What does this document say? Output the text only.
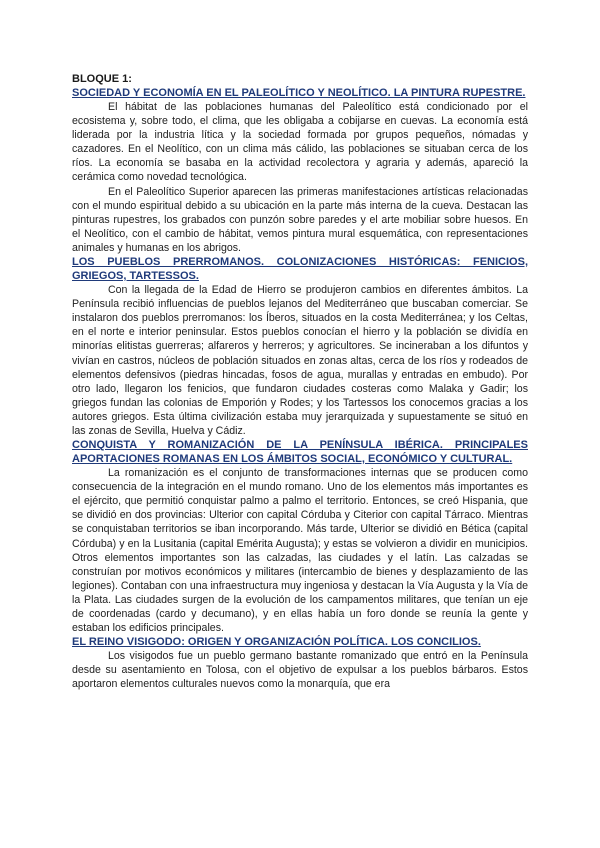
BLOQUE 1:

SOCIEDAD Y ECONOMÍA EN EL PALEOLÍTICO Y NEOLÍTICO. LA PINTURA RUPESTRE.

El hábitat de las poblaciones humanas del Paleolítico está condicionado por el ecosistema y, sobre todo, el clima, que les obligaba a cobijarse en cuevas. La economía está liderada por la industria lítica y la sociedad formada por grupos pequeños, nómadas y cazadores. En el Neolítico, con un clima más cálido, las poblaciones se situaban cerca de los ríos. La economía se basaba en la actividad recolectora y agraria y además, apareció la cerámica como novedad tecnológica.

En el Paleolítico Superior aparecen las primeras manifestaciones artísticas relacionadas con el mundo espiritual debido a su ubicación en la parte más interna de la cueva. Destacan las pinturas rupestres, los grabados con punzón sobre paredes y el arte mobiliar sobre huesos. En el Neolítico, con el cambio de hábitat, vemos pintura mural esquemática, con representaciones animales y humanas en los abrigos.

LOS PUEBLOS PRERROMANOS. COLONIZACIONES HISTÓRICAS: FENICIOS, GRIEGOS, TARTESSOS.

Con la llegada de la Edad de Hierro se produjeron cambios en diferentes ámbitos. La Península recibió influencias de pueblos lejanos del Mediterráneo que buscaban comerciar. Se instalaron dos pueblos prerromanos: los Íberos, situados en la costa Mediterránea; y los Celtas, en el norte e interior peninsular. Estos pueblos conocían el hierro y la población se dividía en minorías elitistas guerreras; alfareros y herreros; y agricultores. Se incineraban a los difuntos y vivían en castros, núcleos de población situados en zonas altas, cerca de los ríos y rodeados de elementos defensivos (piedras hincadas, fosos de agua, murallas y entradas en embudo). Por otro lado, llegaron los fenicios, que fundaron ciudades costeras como Malaka y Gadir; los griegos fundan las colonias de Emporión y Rodes; y los Tartessos los conocemos gracias a los autores griegos. Esta última civilización estaba muy jerarquizada y supuestamente se situó en las zonas de Sevilla, Huelva y Cádiz.

CONQUISTA Y ROMANIZACIÓN DE LA PENÍNSULA IBÉRICA. PRINCIPALES APORTACIONES ROMANAS EN LOS ÁMBITOS SOCIAL, ECONÓMICO Y CULTURAL.

La romanización es el conjunto de transformaciones internas que se producen como consecuencia de la integración en el mundo romano. Uno de los elementos más importantes es el ejército, que permitió conquistar palmo a palmo el territorio. Entonces, se creó Hispania, que se dividió en dos provincias: Ulterior con capital Córduba y Citerior con capital Tárraco. Mientras se conquistaban territorios se iban incorporando. Más tarde, Ulterior se dividió en Bética (capital Córduba) y en la Lusitania (capital Emérita Augusta); y estas se volvieron a dividir en municipios. Otros elementos importantes son las calzadas, las ciudades y el latín. Las calzadas se construían por motivos económicos y militares (intercambio de bienes y desplazamiento de las legiones). Contaban con una infraestructura muy ingeniosa y destacan la Vía Augusta y la Vía de la Plata. Las ciudades surgen de la evolución de los campamentos militares, que tenían un eje de coordenadas (cardo y decumano), y en ellas había un foro donde se reunía la gente y estaban los edificios principales.

EL REINO VISIGODO: ORIGEN Y ORGANIZACIÓN POLÍTICA. LOS CONCILIOS.

Los visigodos fue un pueblo germano bastante romanizado que entró en la Península desde su asentamiento en Tolosa, con el objetivo de expulsar a los pueblos bárbaros. Estos aportaron elementos culturales nuevos como la monarquía, que era
